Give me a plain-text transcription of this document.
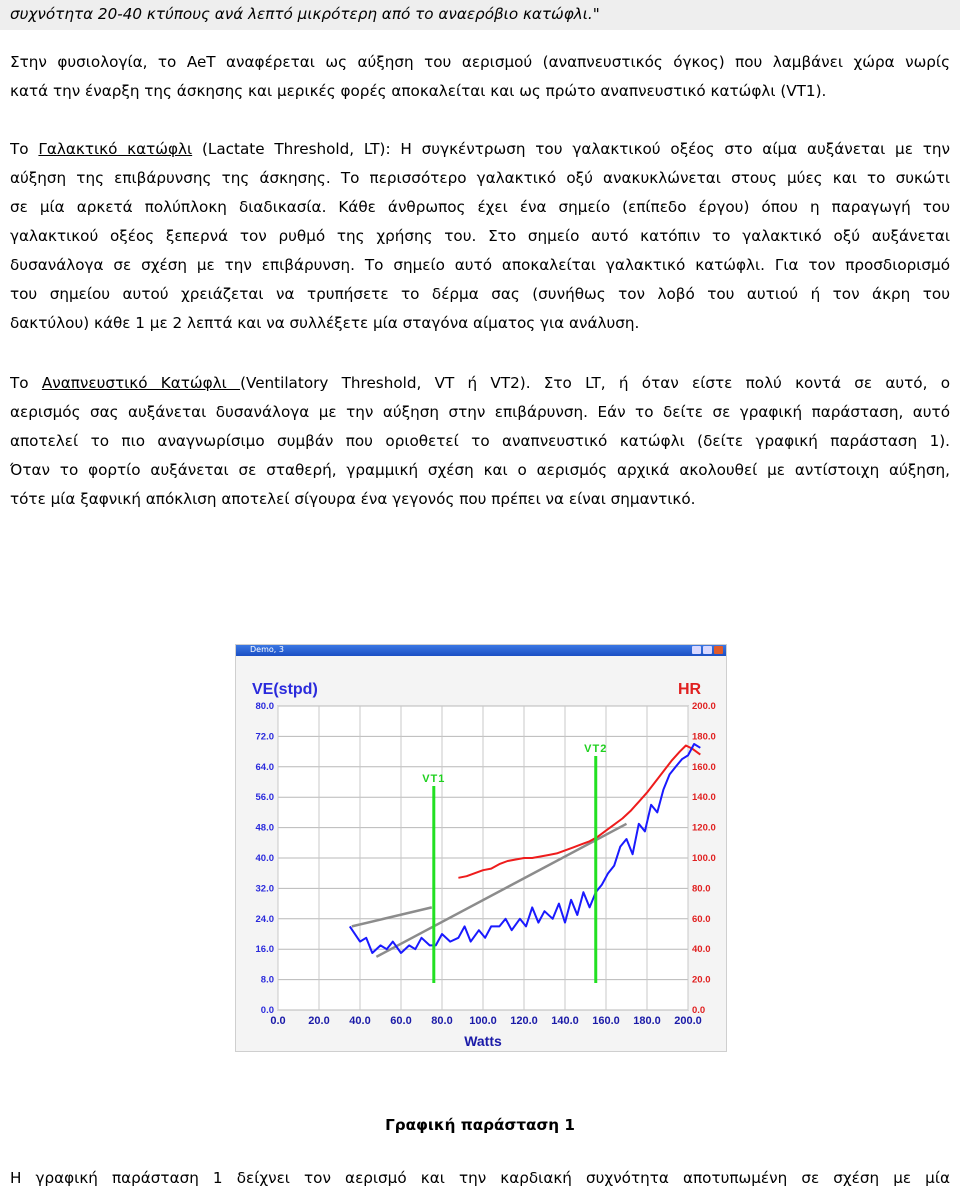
συχνότητα 20-40 κτύπους ανά λεπτό μικρότερη από το αναερόβιο κατώφλι."
Στην φυσιολογία, το AeT αναφέρεται ως αύξηση του αερισμού (αναπνευστικός όγκος) που λαμβάνει χώρα νωρίς
κατά την έναρξη της άσκησης και μερικές φορές αποκαλείται και ως πρώτο αναπνευστικό κατώφλι (VT1).
Το Γαλακτικό κατώφλι (Lactate Threshold, LT): Η συγκέντρωση του γαλακτικού οξέος στο αίμα αυξάνεται με την
αύξηση της επιβάρυνσης της άσκησης. Το περισσότερο γαλακτικό οξύ ανακυκλώνεται στους μύες και το συκώτι
σε μία αρκετά πολύπλοκη διαδικασία. Κάθε άνθρωπος έχει ένα σημείο (επίπεδο έργου) όπου η παραγωγή του
γαλακτικού οξέος ξεπερνά τον ρυθμό της χρήσης του. Στο σημείο αυτό κατόπιν το γαλακτικό οξύ αυξάνεται
δυσανάλογα σε σχέση με την επιβάρυνση. Το σημείο αυτό αποκαλείται γαλακτικό κατώφλι. Για τον προσδιορισμό
του σημείου αυτού χρειάζεται να τρυπήσετε το δέρμα σας (συνήθως τον λοβό του αυτιού ή τον άκρη του
δακτύλου) κάθε 1 με 2 λεπτά και να συλλέξετε μία σταγόνα αίματος για ανάλυση.
Το Αναπνευστικό Κατώφλι (Ventilatory Threshold, VT ή VT2). Στο LT, ή όταν είστε πολύ κοντά σε αυτό, ο
αερισμός σας αυξάνεται δυσανάλογα με την αύξηση στην επιβάρυνση. Εάν το δείτε σε γραφική παράσταση, αυτό
αποτελεί το πιο αναγνωρίσιμο συμβάν που οριοθετεί το αναπνευστικό κατώφλι (δείτε γραφική παράσταση 1).
Όταν το φορτίο αυξάνεται σε σταθερή, γραμμική σχέση και ο αερισμός αρχικά ακολουθεί με αντίστοιχη αύξηση,
τότε μία ξαφνική απόκλιση αποτελεί σίγουρα ένα γεγονός που πρέπει να είναι σημαντικό.
Demo, 3
0.0
8.0
16.0
24.0
32.0
40.0
48.0
56.0
64.0
72.0
80.0
0.0
20.0
40.0
60.0
80.0
100.0
120.0
140.0
160.0
180.0
200.0
0.0 20.0 40.0 60.0 80.0 100.0 120.0 140.0 160.0 180.0 200.0
VE(stpd)	HR
Watts
VT1
VT2
Γραφική παράσταση 1
Η γραφική παράσταση 1 δείχνει τον αερισμό και την καρδιακή συχνότητα αποτυπωμένη σε σχέση με μία
